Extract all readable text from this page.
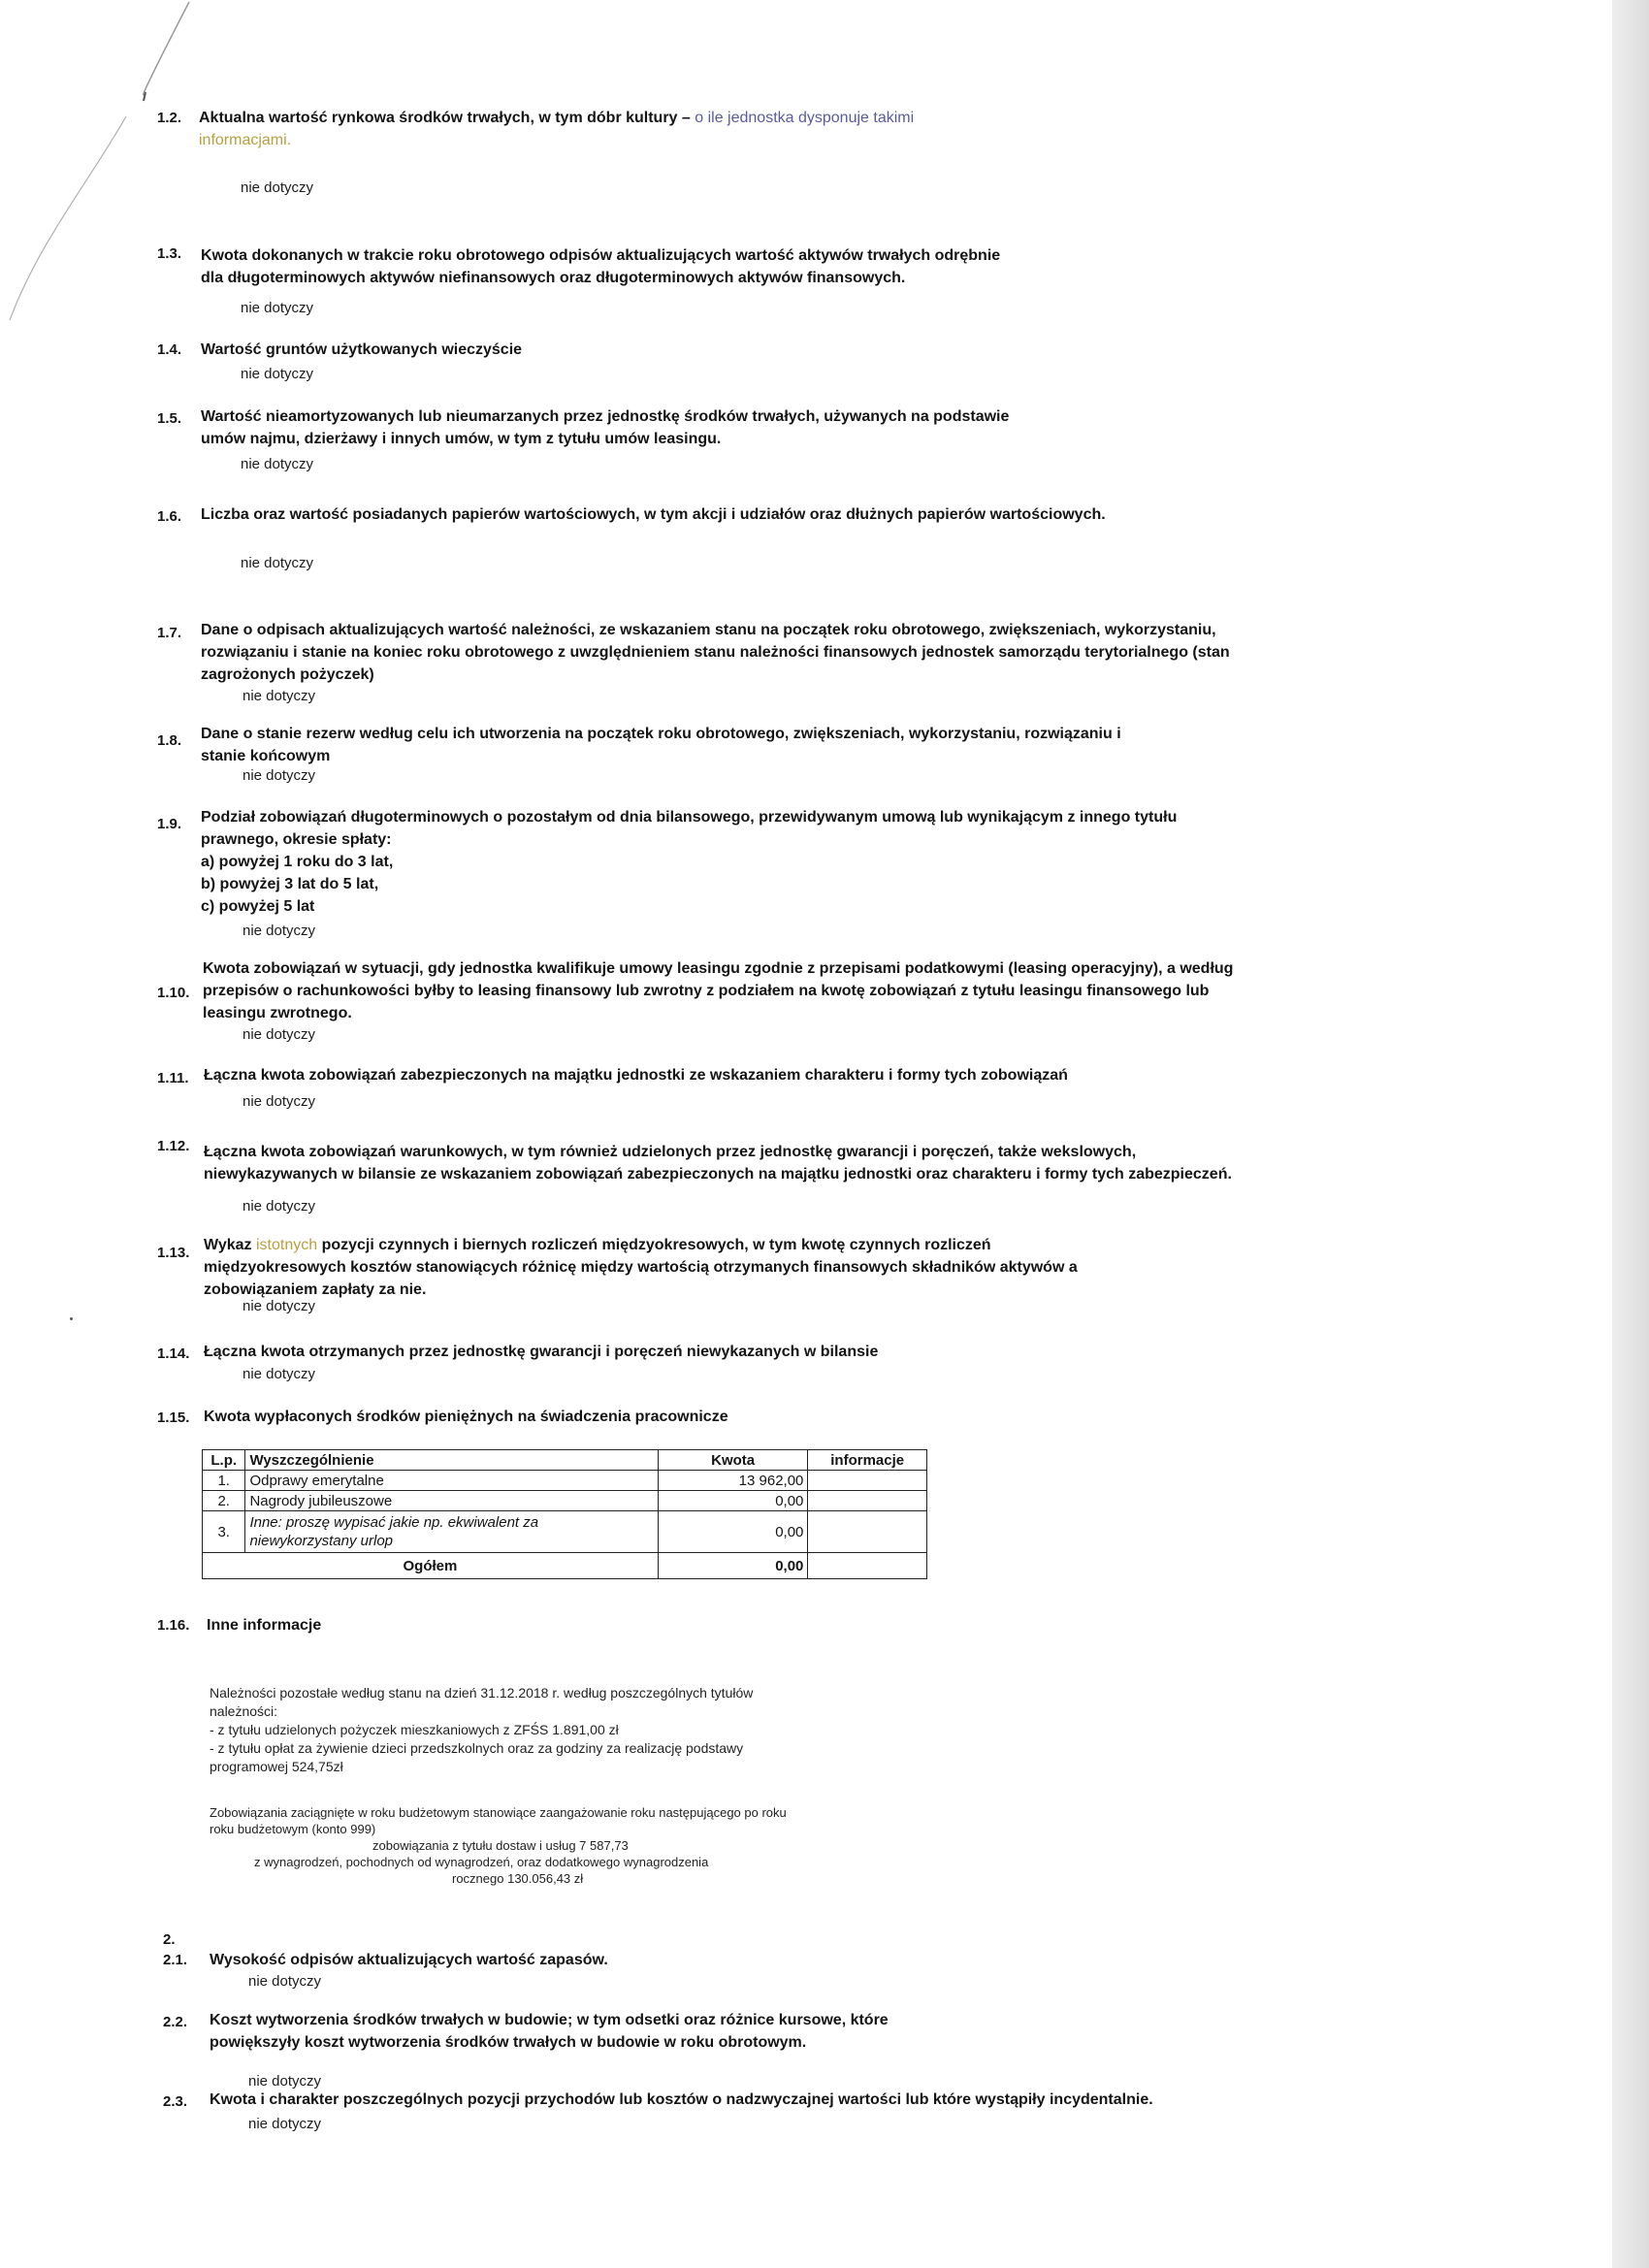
1.2. Aktualna wartość rynkowa środków trwałych, w tym dóbr kultury – o ile jednostka dysponuje takimi
informacjami.
nie dotyczy
1.3. Kwota dokonanych w trakcie roku obrotowego odpisów aktualizujących wartość aktywów trwałych odrębnie
dla długoterminowych aktywów niefinansowych oraz długoterminowych aktywów finansowych.
nie dotyczy
1.4. Wartość gruntów użytkowanych wieczyście
nie dotyczy
1.5. Wartość nieamortyzowanych lub nieumarzanych przez jednostkę środków trwałych, używanych na podstawie
umów najmu, dzierżawy i innych umów, w tym z tytułu umów leasingu.
nie dotyczy
1.6. Liczba oraz wartość posiadanych papierów wartościowych, w tym akcji i udziałów oraz dłużnych papierów wartościowych.
nie dotyczy
1.7. Dane o odpisach aktualizujących wartość należności, ze wskazaniem stanu na początek roku obrotowego, zwiększeniach, wykorzystaniu,
rozwiązaniu i stanie na koniec roku obrotowego z uwzględnieniem stanu należności finansowych jednostek samorządu terytorialnego (stan
zagrożonych pożyczek)
nie dotyczy
1.8. Dane o stanie rezerw według celu ich utworzenia na początek roku obrotowego, zwiększeniach, wykorzystaniu, rozwiązaniu i
stanie końcowym
nie dotyczy
1.9. Podział zobowiązań długoterminowych o pozostałym od dnia bilansowego, przewidywanym umową lub wynikającym z innego tytułu
prawnego, okresie spłaty:
a) powyżej 1 roku do 3 lat,
b) powyżej 3 lat do 5 lat,
c) powyżej 5 lat
nie dotyczy
1.10.
Kwota zobowiązań w sytuacji, gdy jednostka kwalifikuje umowy leasingu zgodnie z przepisami podatkowymi (leasing operacyjny), a według
przepisów o rachunkowości byłby to leasing finansowy lub zwrotny z podziałem na kwotę zobowiązań z tytułu leasingu finansowego lub
leasingu zwrotnego.
nie dotyczy
1.11. Łączna kwota zobowiązań zabezpieczonych na majątku jednostki ze wskazaniem charakteru i formy tych zobowiązań
nie dotyczy
1.12. Łączna kwota zobowiązań warunkowych, w tym również udzielonych przez jednostkę gwarancji i poręczeń, także wekslowych,
niewykazywanych w bilansie ze wskazaniem zobowiązań zabezpieczonych na majątku jednostki oraz charakteru i formy tych zabezpieczeń.
nie dotyczy
1.13. Wykaz istotnych pozycji czynnych i biernych rozliczeń międzyokresowych, w tym kwotę czynnych rozliczeń
międzyokresowych kosztów stanowiących różnicę między wartością otrzymanych finansowych składników aktywów a
zobowiązaniem zapłaty za nie.
nie dotyczy
1.14. Łączna kwota otrzymanych przez jednostkę gwarancji i poręczeń niewykazanych w bilansie
nie dotyczy
1.15. Kwota wypłaconych środków pieniężnych na świadczenia pracownicze
L.p.	Wyszczególnienie	Kwota	informacje
1.	Odprawy emerytalne	13 962,00	
2.	Nagrody jubileuszowe	0,00	
3.	Inne: proszę wypisać jakie np. ekwiwalent za
niewykorzystany urlop	0,00	
Ogółem		0,00	
1.16. Inne informacje
Należności pozostałe według stanu na dzień 31.12.2018 r. według poszczególnych tytułów
należności:
- z tytułu udzielonych pożyczek mieszkaniowych z ZFŚS 1.891,00 zł
- z tytułu opłat za żywienie dzieci przedszkolnych oraz za godziny za realizację podstawy
programowej 524,75zł
Zobowiązania zaciągnięte w roku budżetowym stanowiące zaangażowanie roku następującego po roku
roku budżetowym (konto 999)
zobowiązania z tytułu dostaw i usług 7 587,73
z wynagrodzeń, pochodnych od wynagrodzeń, oraz dodatkowego wynagrodzenia
rocznego 130.056,43 zł
2.
2.1. Wysokość odpisów aktualizujących wartość zapasów.
nie dotyczy
2.2. Koszt wytworzenia środków trwałych w budowie; w tym odsetki oraz różnice kursowe, które
powiększyły koszt wytworzenia środków trwałych w budowie w roku obrotowym.
nie dotyczy
2.3. Kwota i charakter poszczególnych pozycji przychodów lub kosztów o nadzwyczajnej wartości lub które wystąpiły incydentalnie.
nie dotyczy
